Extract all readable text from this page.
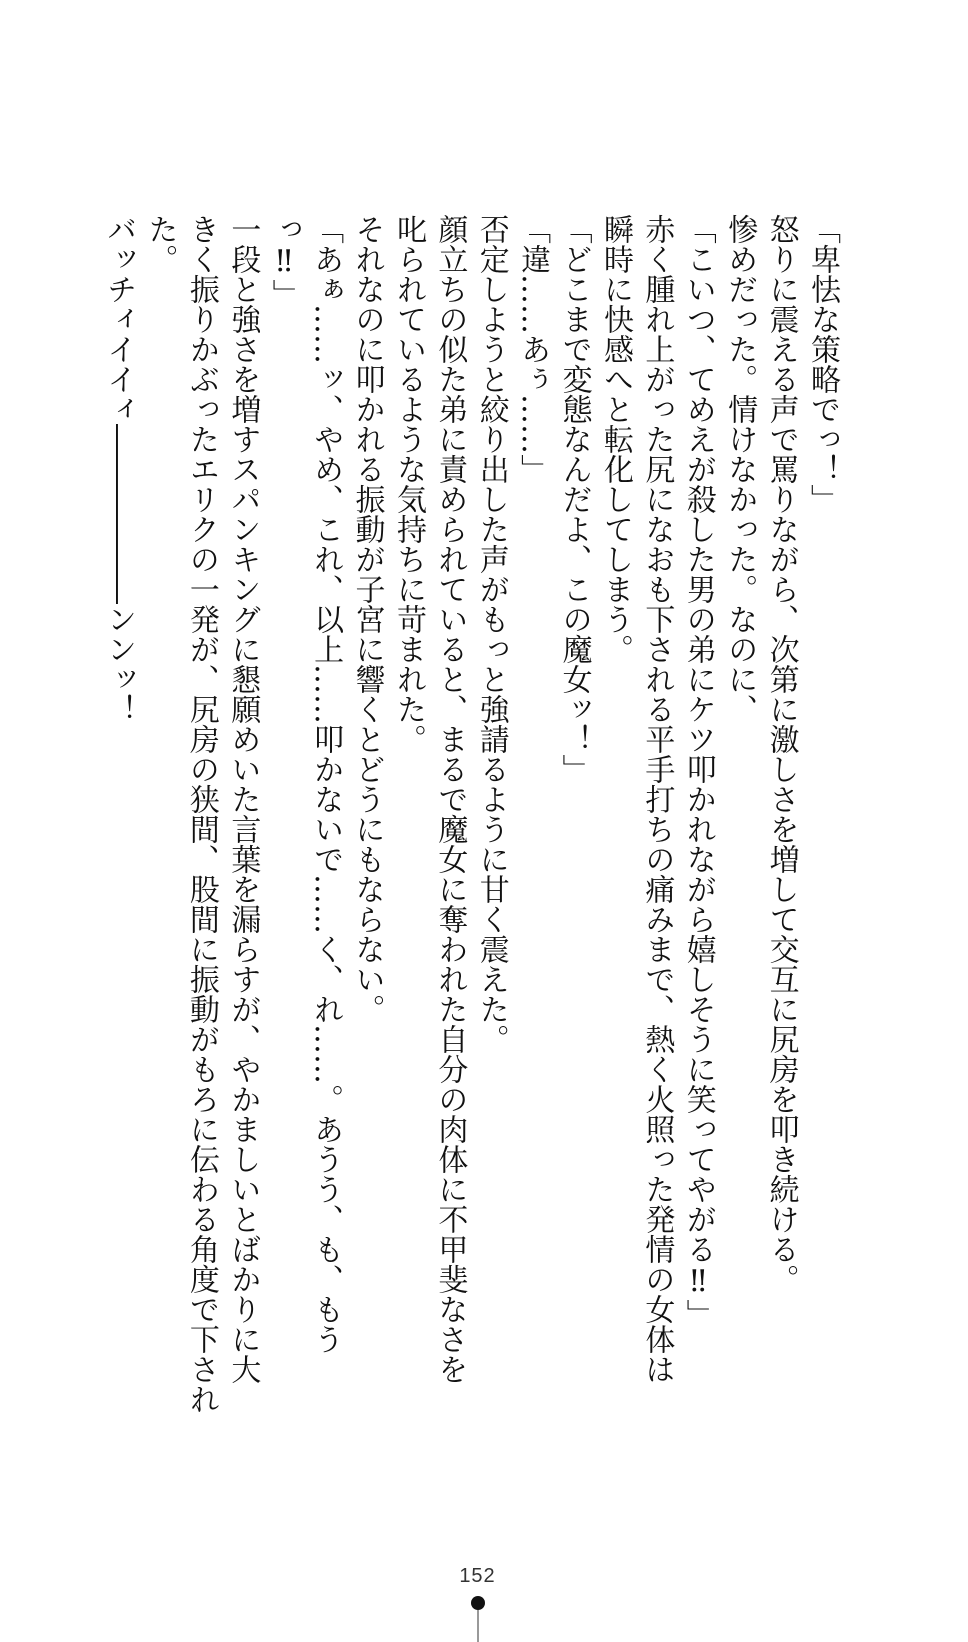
「卑怯な策略でっ！」
怒りに震える声で罵りながら、次第に激しさを増して交互に尻房を叩き続ける。
惨めだった。情けなかった。なのに、
「こいつ、てめえが殺した男の弟にケツ叩かれながら嬉しそうに笑ってやがる‼」
赤く腫れ上がった尻になおも下される平手打ちの痛みまで、熱く火照った発情の女体は
瞬時に快感へと転化してしまう。
「どこまで変態なんだよ、この魔女ッ！」
「違……あぅ……」
否定しようと絞り出した声がもっと強請るように甘く震えた。
顔立ちの似た弟に責められていると、まるで魔女に奪われた自分の肉体に不甲斐なさを
叱られているような気持ちに苛まれた。
それなのに叩かれる振動が子宮に響くとどうにもならない。
「あぁ……ッ、やめ、これ、以上……叩かないで……く、れ……。あうう、も、もう
っ‼」
一段と強さを増すスパンキングに懇願めいた言葉を漏らすが、やかましいとばかりに大
きく振りかぶったエリクの一発が、尻房の狭間、股間に振動がもろに伝わる角度で下され
た。
バッチィイイィ――――――ンンッ！
152
